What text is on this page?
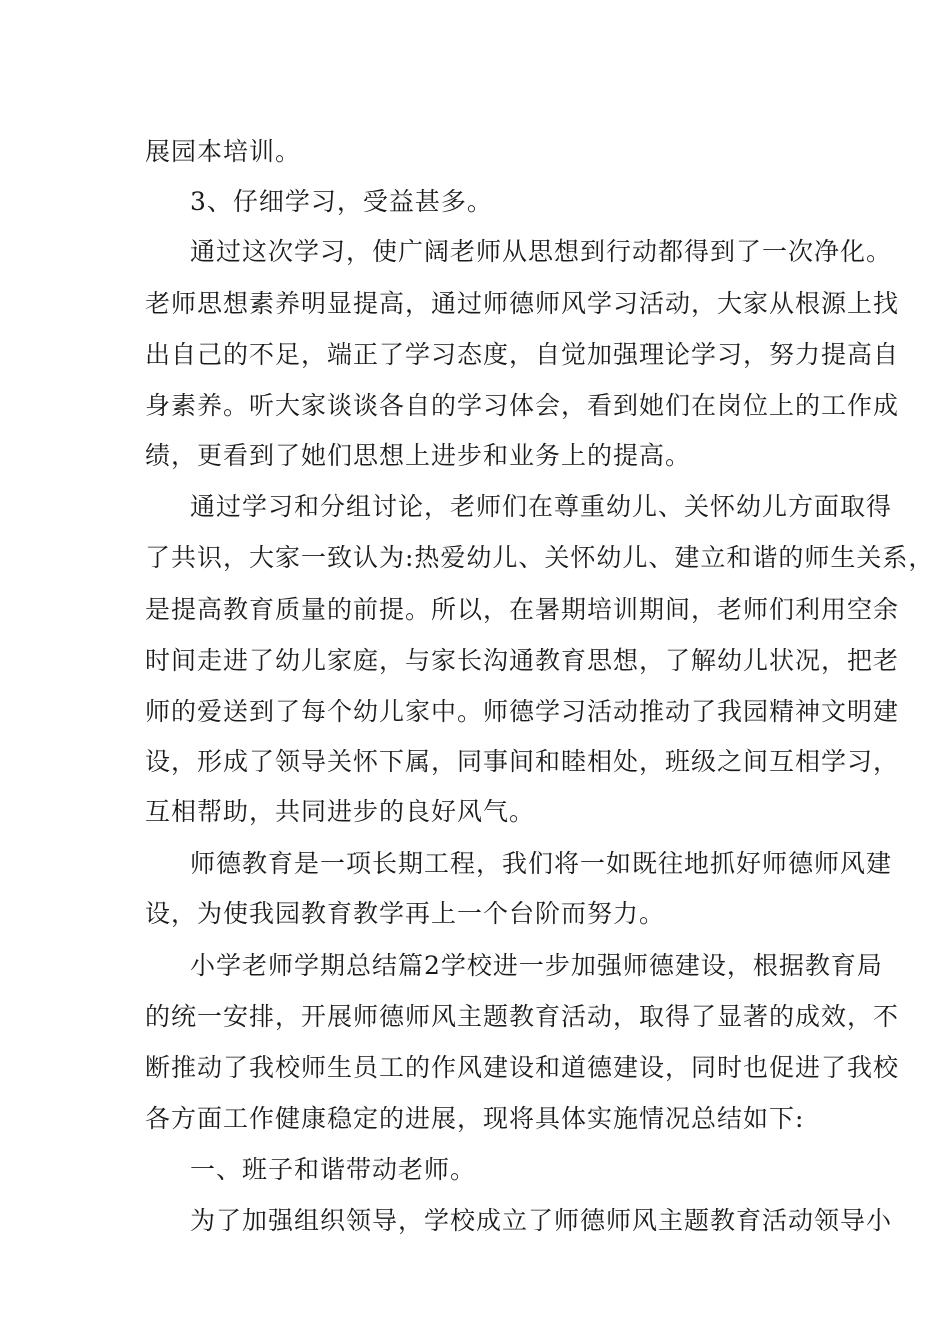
展园本培训。
3、仔细学习，受益甚多。
通过这次学习，使广阔老师从思想到行动都得到了一次净化。
老师思想素养明显提高，通过师德师风学习活动，大家从根源上找
出自己的不足，端正了学习态度，自觉加强理论学习，努力提高自
身素养。听大家谈谈各自的学习体会，看到她们在岗位上的工作成
绩，更看到了她们思想上进步和业务上的提高。
通过学习和分组讨论，老师们在尊重幼儿、关怀幼儿方面取得
了共识，大家一致认为:热爱幼儿、关怀幼儿、建立和谐的师生关系，
是提高教育质量的前提。所以，在暑期培训期间，老师们利用空余
时间走进了幼儿家庭，与家长沟通教育思想，了解幼儿状况，把老
师的爱送到了每个幼儿家中。师德学习活动推动了我园精神文明建
设，形成了领导关怀下属，同事间和睦相处，班级之间互相学习，
互相帮助，共同进步的良好风气。
师德教育是一项长期工程，我们将一如既往地抓好师德师风建
设，为使我园教育教学再上一个台阶而努力。
小学老师学期总结篇2学校进一步加强师德建设，根据教育局
的统一安排，开展师德师风主题教育活动，取得了显著的成效，不
断推动了我校师生员工的作风建设和道德建设，同时也促进了我校
各方面工作健康稳定的进展，现将具体实施情况总结如下:
一、班子和谐带动老师。
为了加强组织领导，学校成立了师德师风主题教育活动领导小
